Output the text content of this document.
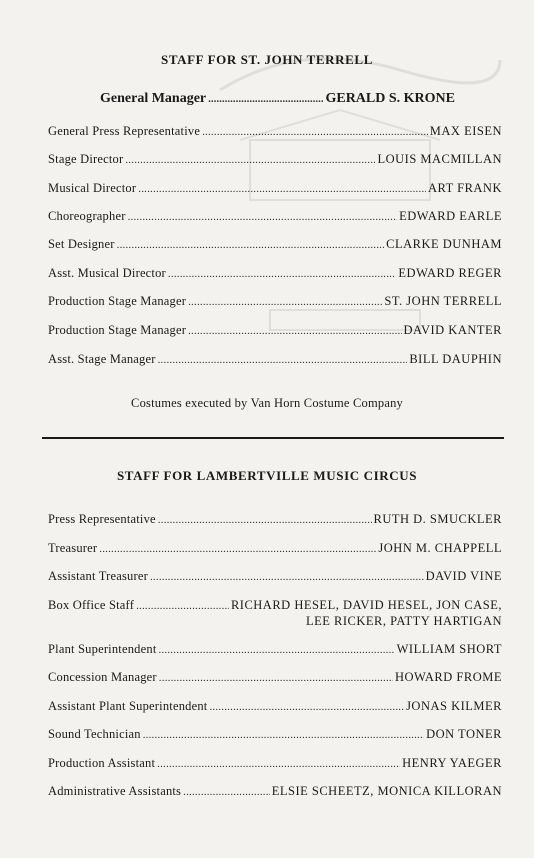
STAFF FOR ST. JOHN TERRELL
General Manager .....	GERALD S. KRONE
General Press Representative .....	MAX EISEN
Stage Director .....	LOUIS MACMILLAN
Musical Director .....	ART FRANK
Choreographer .....	EDWARD EARLE
Set Designer .....	CLARKE DUNHAM
Asst. Musical Director .....	EDWARD REGER
Production Stage Manager .....	ST. JOHN TERRELL
Production Stage Manager .....	DAVID KANTER
Asst. Stage Manager .....	BILL DAUPHIN
Costumes executed by Van Horn Costume Company
STAFF FOR LAMBERTVILLE MUSIC CIRCUS
Press Representative .....	RUTH D. SMUCKLER
Treasurer .....	JOHN M. CHAPPELL
Assistant Treasurer .....	DAVID VINE
Box Office Staff .....	RICHARD HESEL, DAVID HESEL, JON CASE,
LEE RICKER, PATTY HARTIGAN
Plant Superintendent .....	WILLIAM SHORT
Concession Manager .....	HOWARD FROME
Assistant Plant Superintendent .....	JONAS KILMER
Sound Technician .....	DON TONER
Production Assistant .....	HENRY YAEGER
Administrative Assistants .....	ELSIE SCHEETZ, MONICA KILLORAN
